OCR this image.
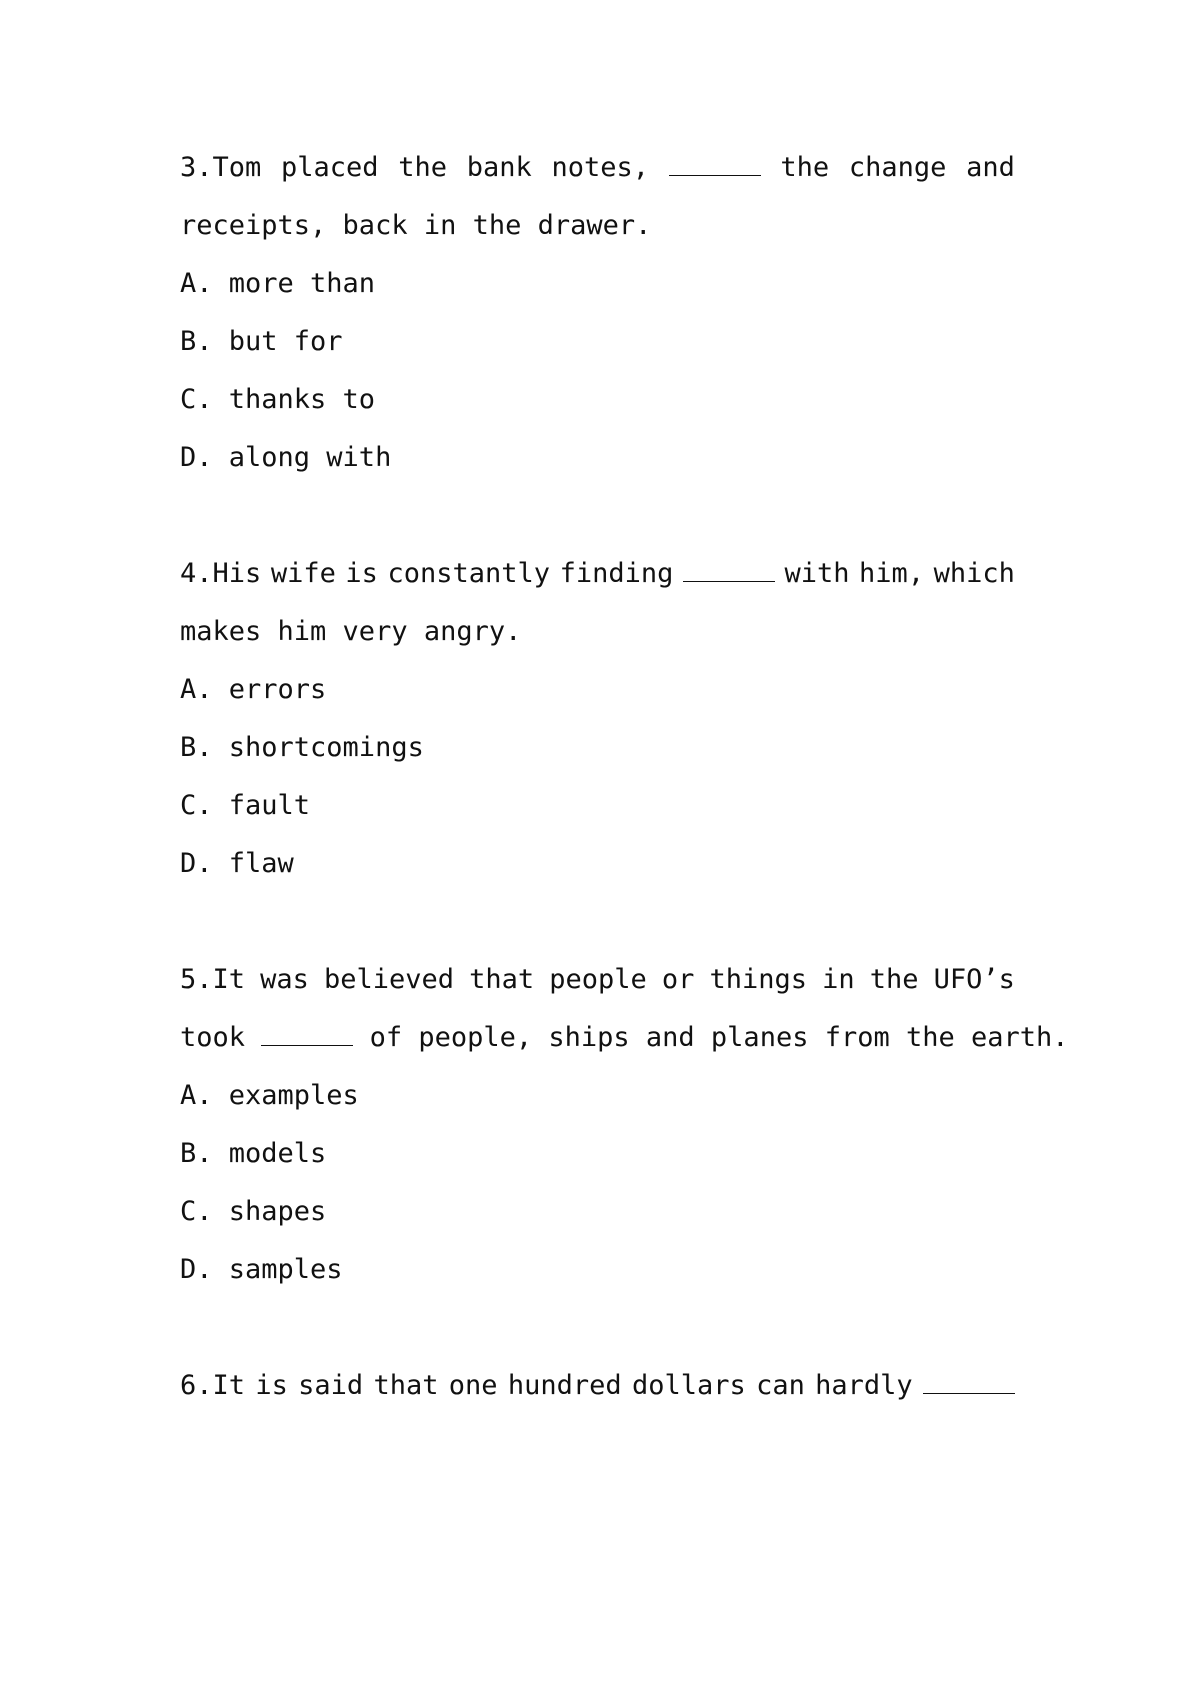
3.Tom placed the bank notes,	the change and
receipts, back in the drawer.
A. more than
B. but for
C. thanks to
D. along with
4.His wife is constantly finding	with him, which
makes him very angry.
A. errors
B. shortcomings
C. fault
D. flaw
5.It was believed that people or things in the UFO’s
took	of people, ships and planes from the earth.
A. examples
B. models
C. shapes
D. samples
6.It is said that one hundred dollars can hardly
